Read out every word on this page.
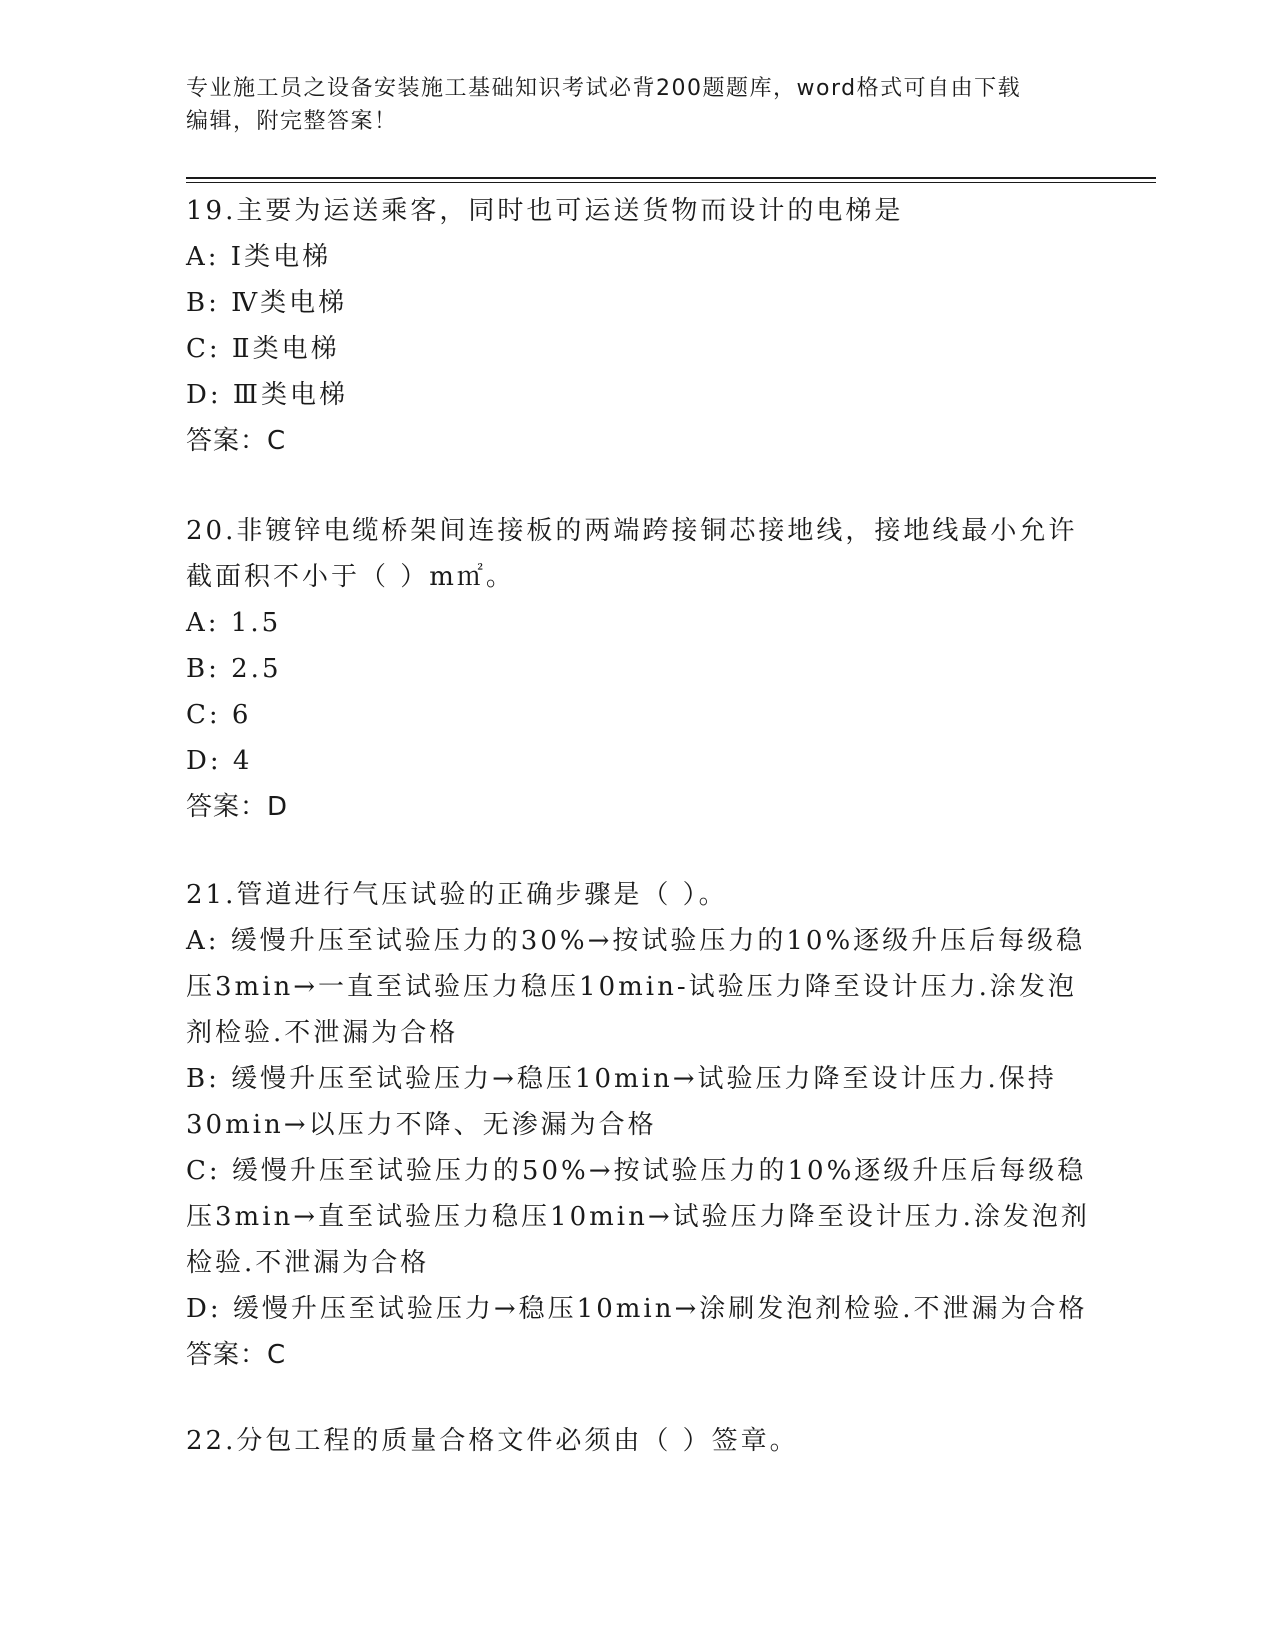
专业施工员之设备安装施工基础知识考试必背200题题库，word格式可自由下载
编辑，附完整答案！
19.主要为运送乘客，同时也可运送货物而设计的电梯是
A: Ⅰ类电梯
B: Ⅳ类电梯
C: Ⅱ类电梯
D: Ⅲ类电梯
答案：C
20.非镀锌电缆桥架间连接板的两端跨接铜芯接地线，接地线最小允许
截面积不小于（ ）m㎡。
A: 1.5
B: 2.5
C: 6
D: 4
答案：D
21.管道进行气压试验的正确步骤是（ ）。
A: 缓慢升压至试验压力的30%→按试验压力的10%逐级升压后每级稳
压3min→一直至试验压力稳压10min-试验压力降至设计压力.涂发泡
剂检验.不泄漏为合格
B: 缓慢升压至试验压力→稳压10min→试验压力降至设计压力.保持
30min→以压力不降、无渗漏为合格
C: 缓慢升压至试验压力的50%→按试验压力的10%逐级升压后每级稳
压3min→直至试验压力稳压10min→试验压力降至设计压力.涂发泡剂
检验.不泄漏为合格
D: 缓慢升压至试验压力→稳压10min→涂刷发泡剂检验.不泄漏为合格
答案：C
22.分包工程的质量合格文件必须由（ ）签章。
